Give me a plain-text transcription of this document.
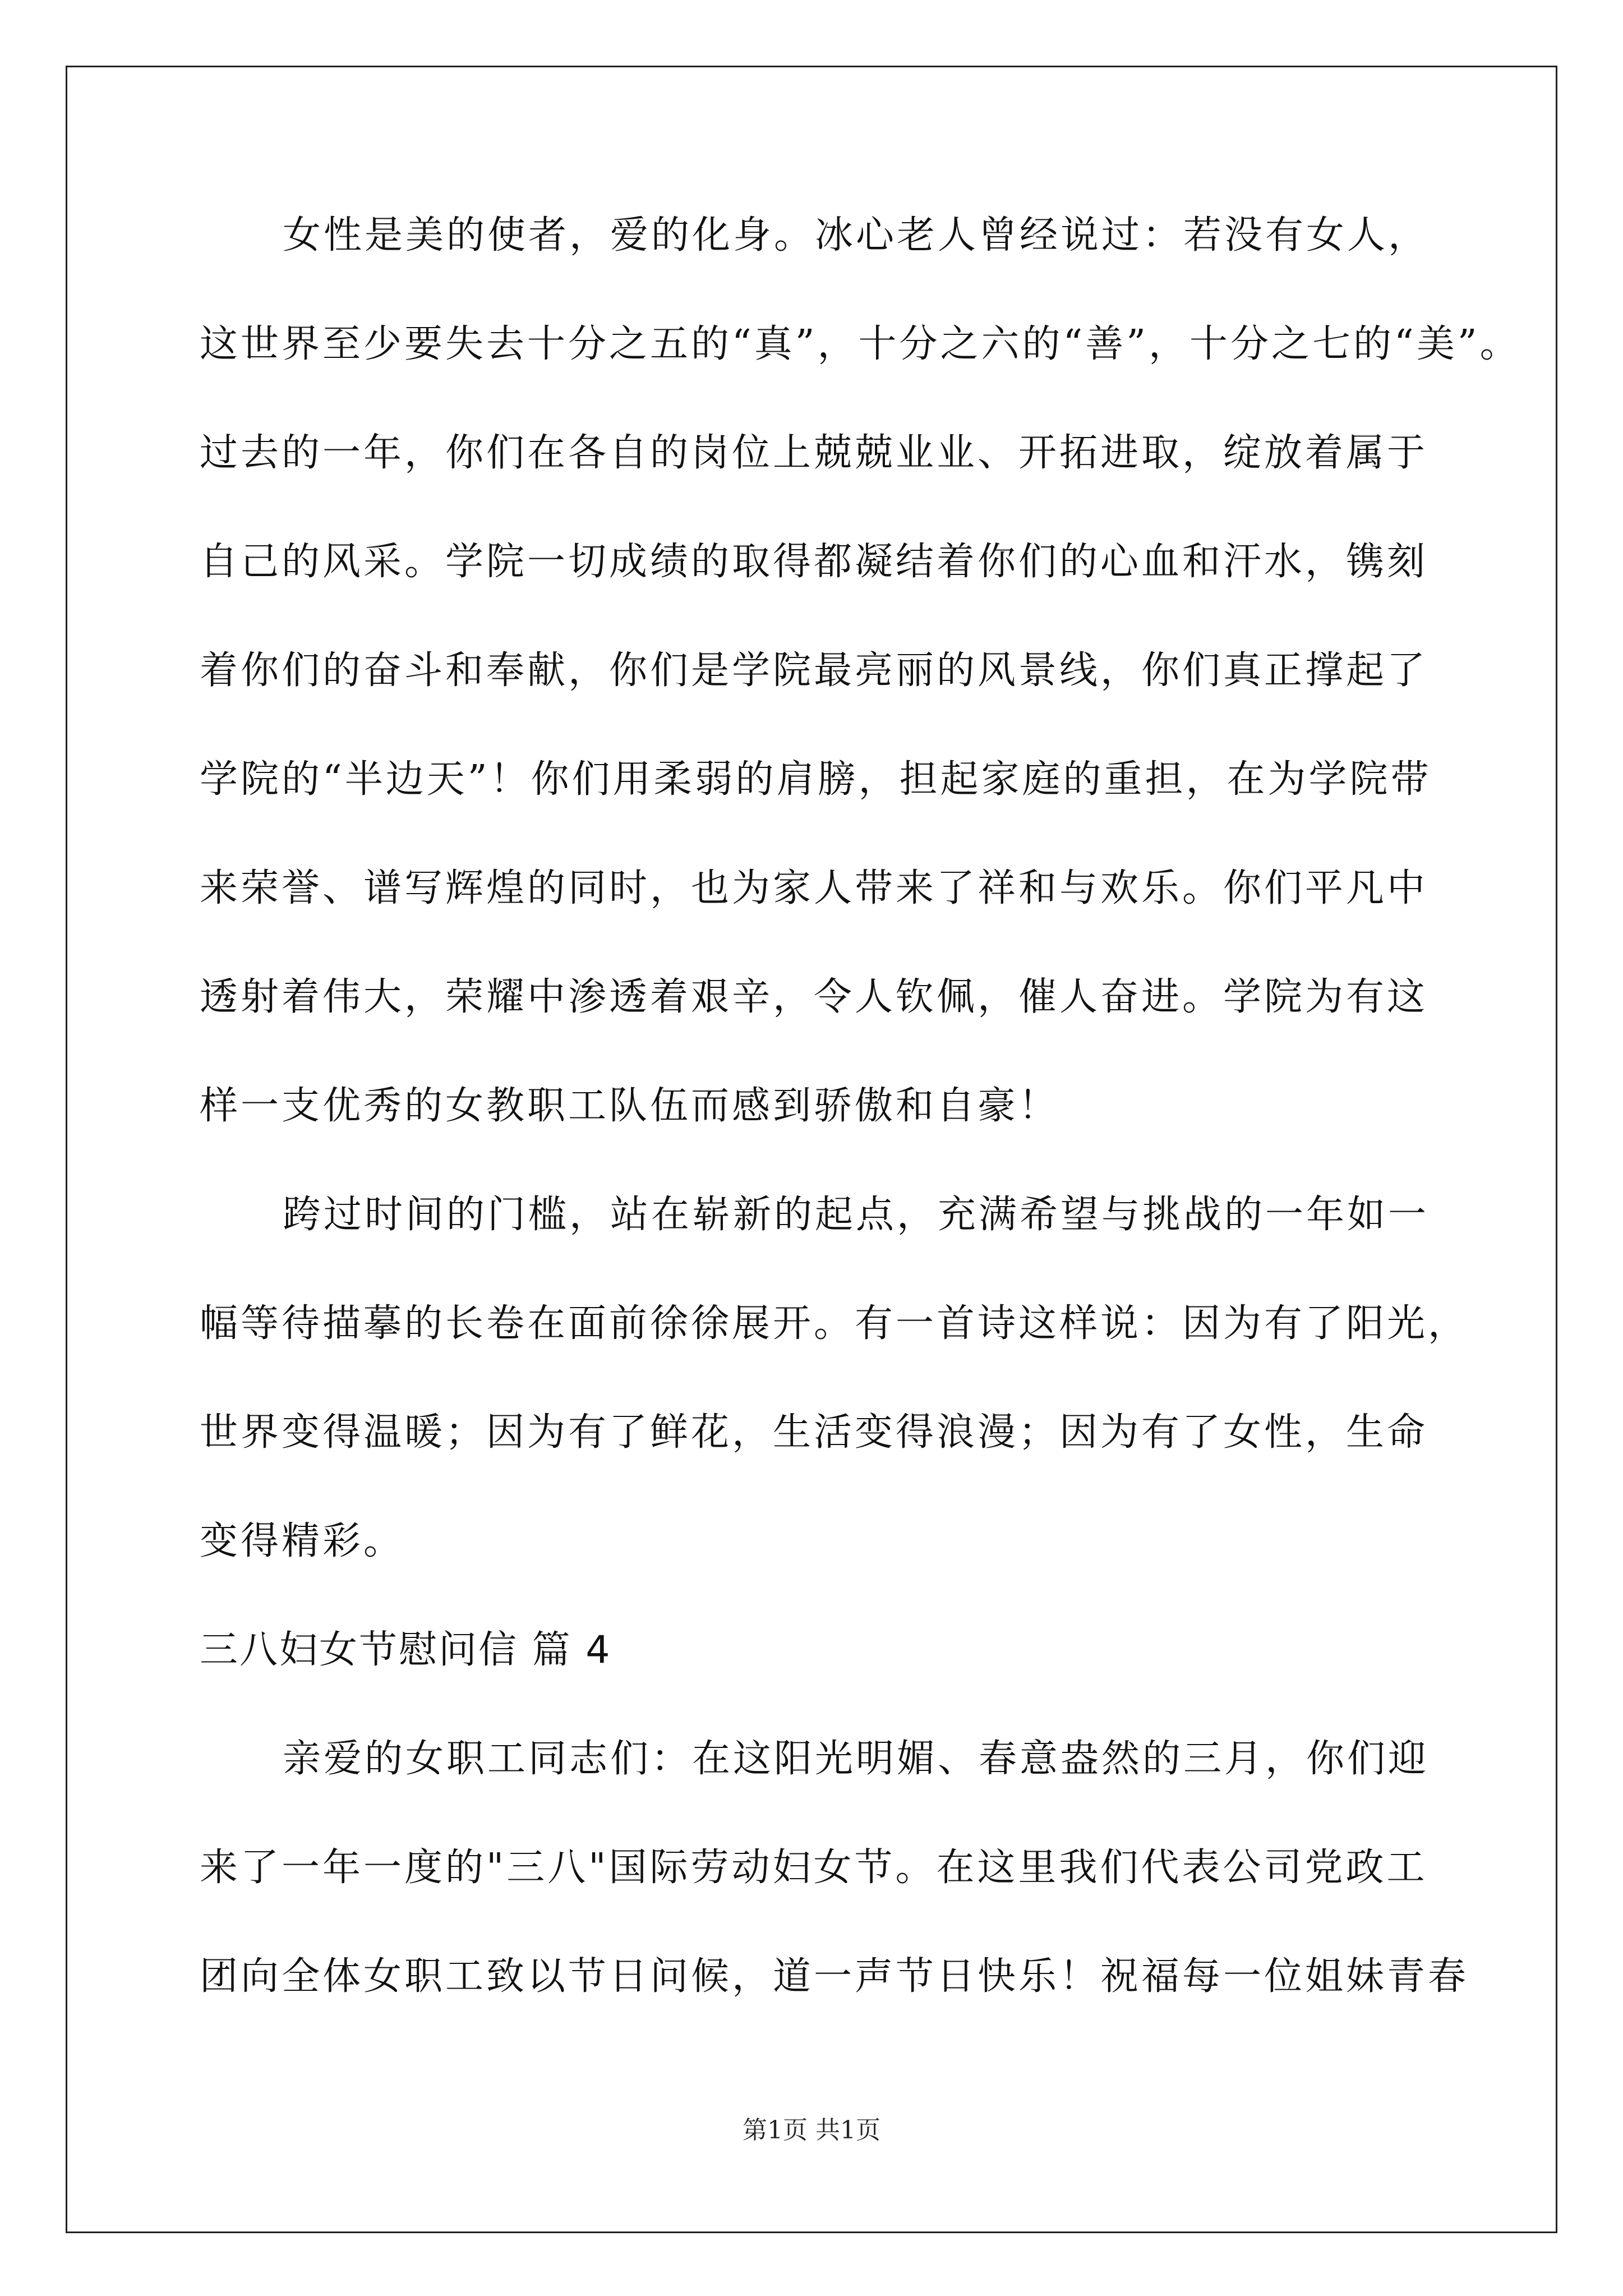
女性是美的使者，爱的化身。冰心老人曾经说过：若没有女人，
这世界至少要失去十分之五的“真”，十分之六的“善”，十分之七的“美”。
过去的一年，你们在各自的岗位上兢兢业业、开拓进取，绽放着属于
自己的风采。学院一切成绩的取得都凝结着你们的心血和汗水，镌刻
着你们的奋斗和奉献，你们是学院最亮丽的风景线，你们真正撑起了
学院的“半边天”！你们用柔弱的肩膀，担起家庭的重担，在为学院带
来荣誉、谱写辉煌的同时，也为家人带来了祥和与欢乐。你们平凡中
透射着伟大，荣耀中渗透着艰辛，令人钦佩，催人奋进。学院为有这
样一支优秀的女教职工队伍而感到骄傲和自豪！
跨过时间的门槛，站在崭新的起点，充满希望与挑战的一年如一
幅等待描摹的长卷在面前徐徐展开。有一首诗这样说：因为有了阳光，
世界变得温暖；因为有了鲜花，生活变得浪漫；因为有了女性，生命
变得精彩。
三八妇女节慰问信 篇 4
亲爱的女职工同志们：在这阳光明媚、春意盎然的三月，你们迎
来了一年一度的"三八"国际劳动妇女节。在这里我们代表公司党政工
团向全体女职工致以节日问候，道一声节日快乐！祝福每一位姐妹青春
第1页 共1页
